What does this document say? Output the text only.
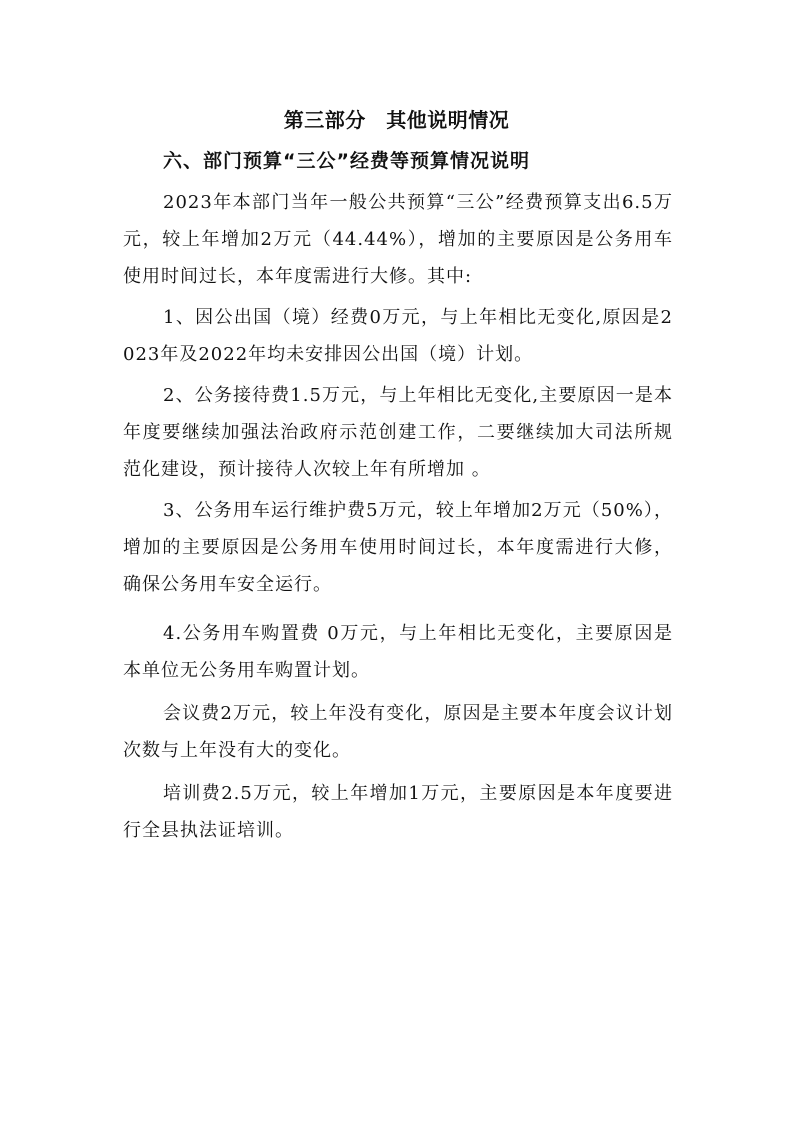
第三部分　其他说明情况
六、部门预算“三公”经费等预算情况说明

2023年本部门当年一般公共预算“三公”经费预算支出6.5万元，较上年增加2万元（44.44%），增加的主要原因是公务用车使用时间过长，本年度需进行大修。其中:

1、因公出国（境）经费0万元，与上年相比无变化,原因是2023年及2022年均未安排因公出国（境）计划。

2、公务接待费1.5万元，与上年相比无变化,主要原因一是本年度要继续加强法治政府示范创建工作，二要继续加大司法所规范化建设，预计接待人次较上年有所增加 。

3、公务用车运行维护费5万元，较上年增加2万元（50%），增加的主要原因是公务用车使用时间过长，本年度需进行大修，确保公务用车安全运行。

4.公务用车购置费 0万元，与上年相比无变化，主要原因是本单位无公务用车购置计划。

会议费2万元，较上年没有变化，原因是主要本年度会议计划次数与上年没有大的变化。

培训费2.5万元，较上年增加1万元，主要原因是本年度要进行全县执法证培训。
